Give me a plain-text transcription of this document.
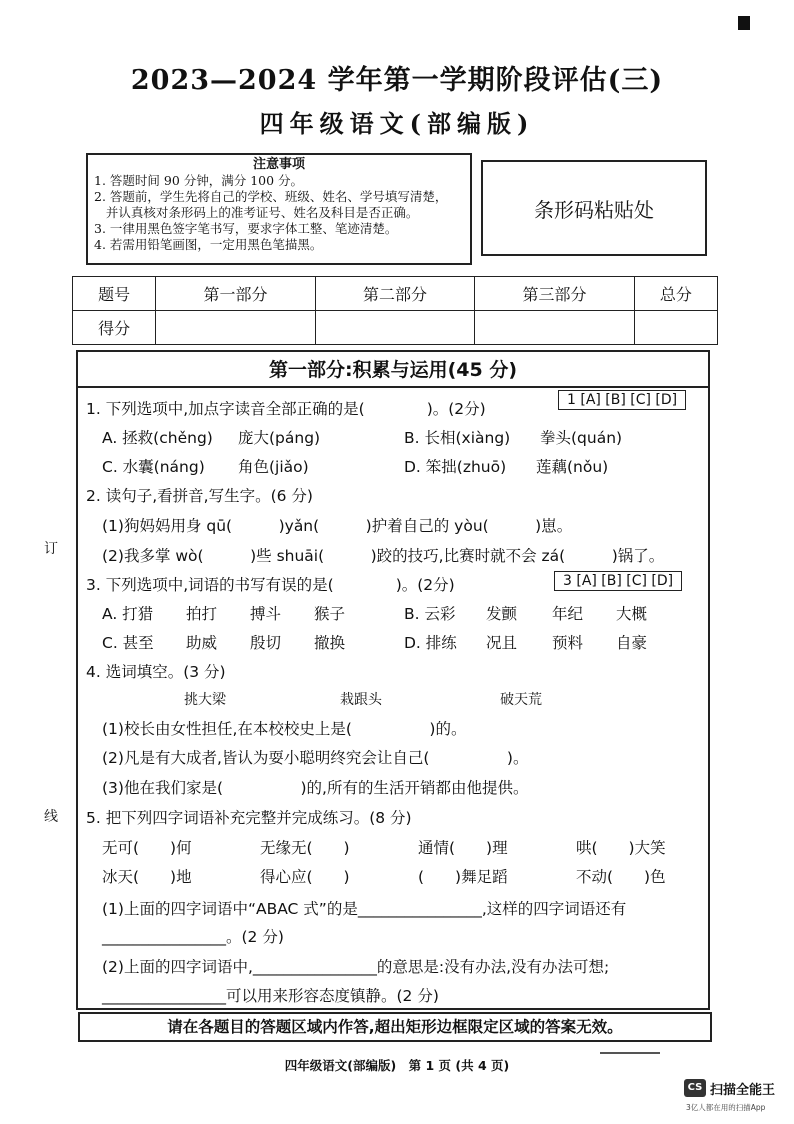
2023—2024 学年第一学期阶段评估(三)
四年级语文(部编版)
注意事项
1. 答题时间 90 分钟，满分 100 分。
2. 答题前，学生先将自己的学校、班级、姓名、学号填写清楚，
并认真核对条形码上的准考证号、姓名及科目是否正确。
3. 一律用黑色签字笔书写，要求字体工整、笔迹清楚。
4. 若需用铅笔画图，一定用黑色笔描黑。
条形码粘贴处
题号	第一部分	第二部分	第三部分	总分
得分				
订
线
第一部分:积累与运用(45 分)
1. 下列选项中,加点字读音全部正确的是(　　　　)。(2分)	1 [A] [B] [C] [D]
A. 拯救(chěng) 庞大(páng)	B. 长相(xiàng) 拳头(quán)
C. 水囊(náng) 角色(jiǎo)	D. 笨拙(zhuō) 莲藕(nǒu)
2. 读句子,看拼音,写生字。(6 分)
(1)狗妈妈用身 qū(　　　)yǎn(　　　)护着自己的 yòu(　　　)崽。
(2)我多掌 wò(　　　)些 shuāi(　　　)跤的技巧,比赛时就不会 zá(　　　)锅了。
3. 下列选项中,词语的书写有误的是(　　　　)。(2分)	3 [A] [B] [C] [D]
A. 打猎 拍打 搏斗 猴子	B. 云彩 发颤 年纪 大概
C. 甚至 助威 殷切 撤换	D. 排练 况且 预料 自豪
4. 选词填空。(3 分)
挑大梁	栽跟头	破天荒
(1)校长由女性担任,在本校校史上是(　　　　　)的。
(2)凡是有大成者,皆认为耍小聪明终究会让自己(　　　　　)。
(3)他在我们家是(　　　　　)的,所有的生活开销都由他提供。
5. 把下列四字词语补充完整并完成练习。(8 分)
无可(　　)何	无缘无(　　)	通情(　　)理	哄(　　)大笑
冰天(　　)地	得心应(　　)	(　　)舞足蹈	不动(　　)色
(1)上面的四字词语中“ABAC 式”的是________________,这样的四字词语还有
________________。(2 分)
(2)上面的四字词语中,________________的意思是:没有办法,没有办法可想;
________________可以用来形容态度镇静。(2 分)
请在各题目的答题区域内作答,超出矩形边框限定区域的答案无效。
四年级语文(部编版)　第 1 页 (共 4 页)
CS 扫描全能王
3亿人都在用的扫描App
